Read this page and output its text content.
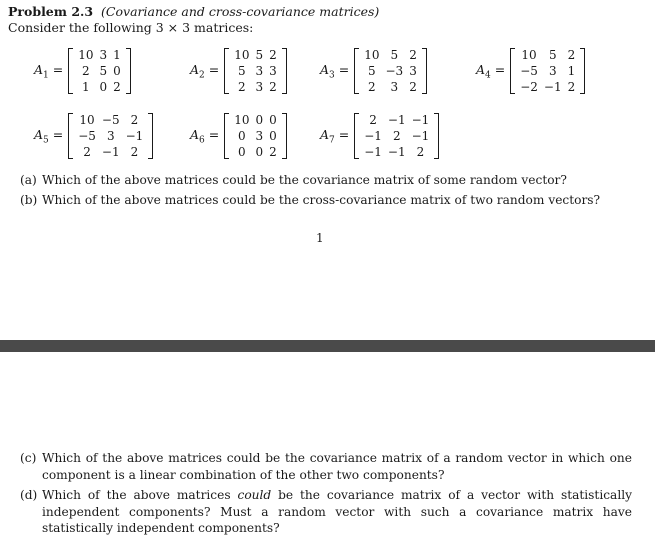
Problem 2.3 (Covariance and cross-covariance matrices)
Consider the following 3 × 3 matrices:
$A_1$ =
10	3	1
2	5	0
1	0	2
$A_2$ =
10	5	2
5	3	3
2	3	2
$A_3$ =
10	5	2
5	−3	3
2	3	2
$A_4$ =
10	5	2
−5	3	1
−2	−1	2
$A_5$ =
10	−5	2
−5	3	−1
2	−1	2
$A_6$ =
10	0	0
0	3	0
0	0	2
$A_7$ =
2	−1	−1
−1	2	−1
−1	−1	2
(a) Which of the above matrices could be the covariance matrix of some random vector?
(b) Which of the above matrices could be the cross-covariance matrix of two random vectors?
1
(c) Which of the above matrices could be the covariance matrix of a random vector in which one component is a linear combination of the other two components?
(d) Which of the above matrices could be the covariance matrix of a vector with statistically independent components? Must a random vector with such a covariance matrix have statistically independent components?
